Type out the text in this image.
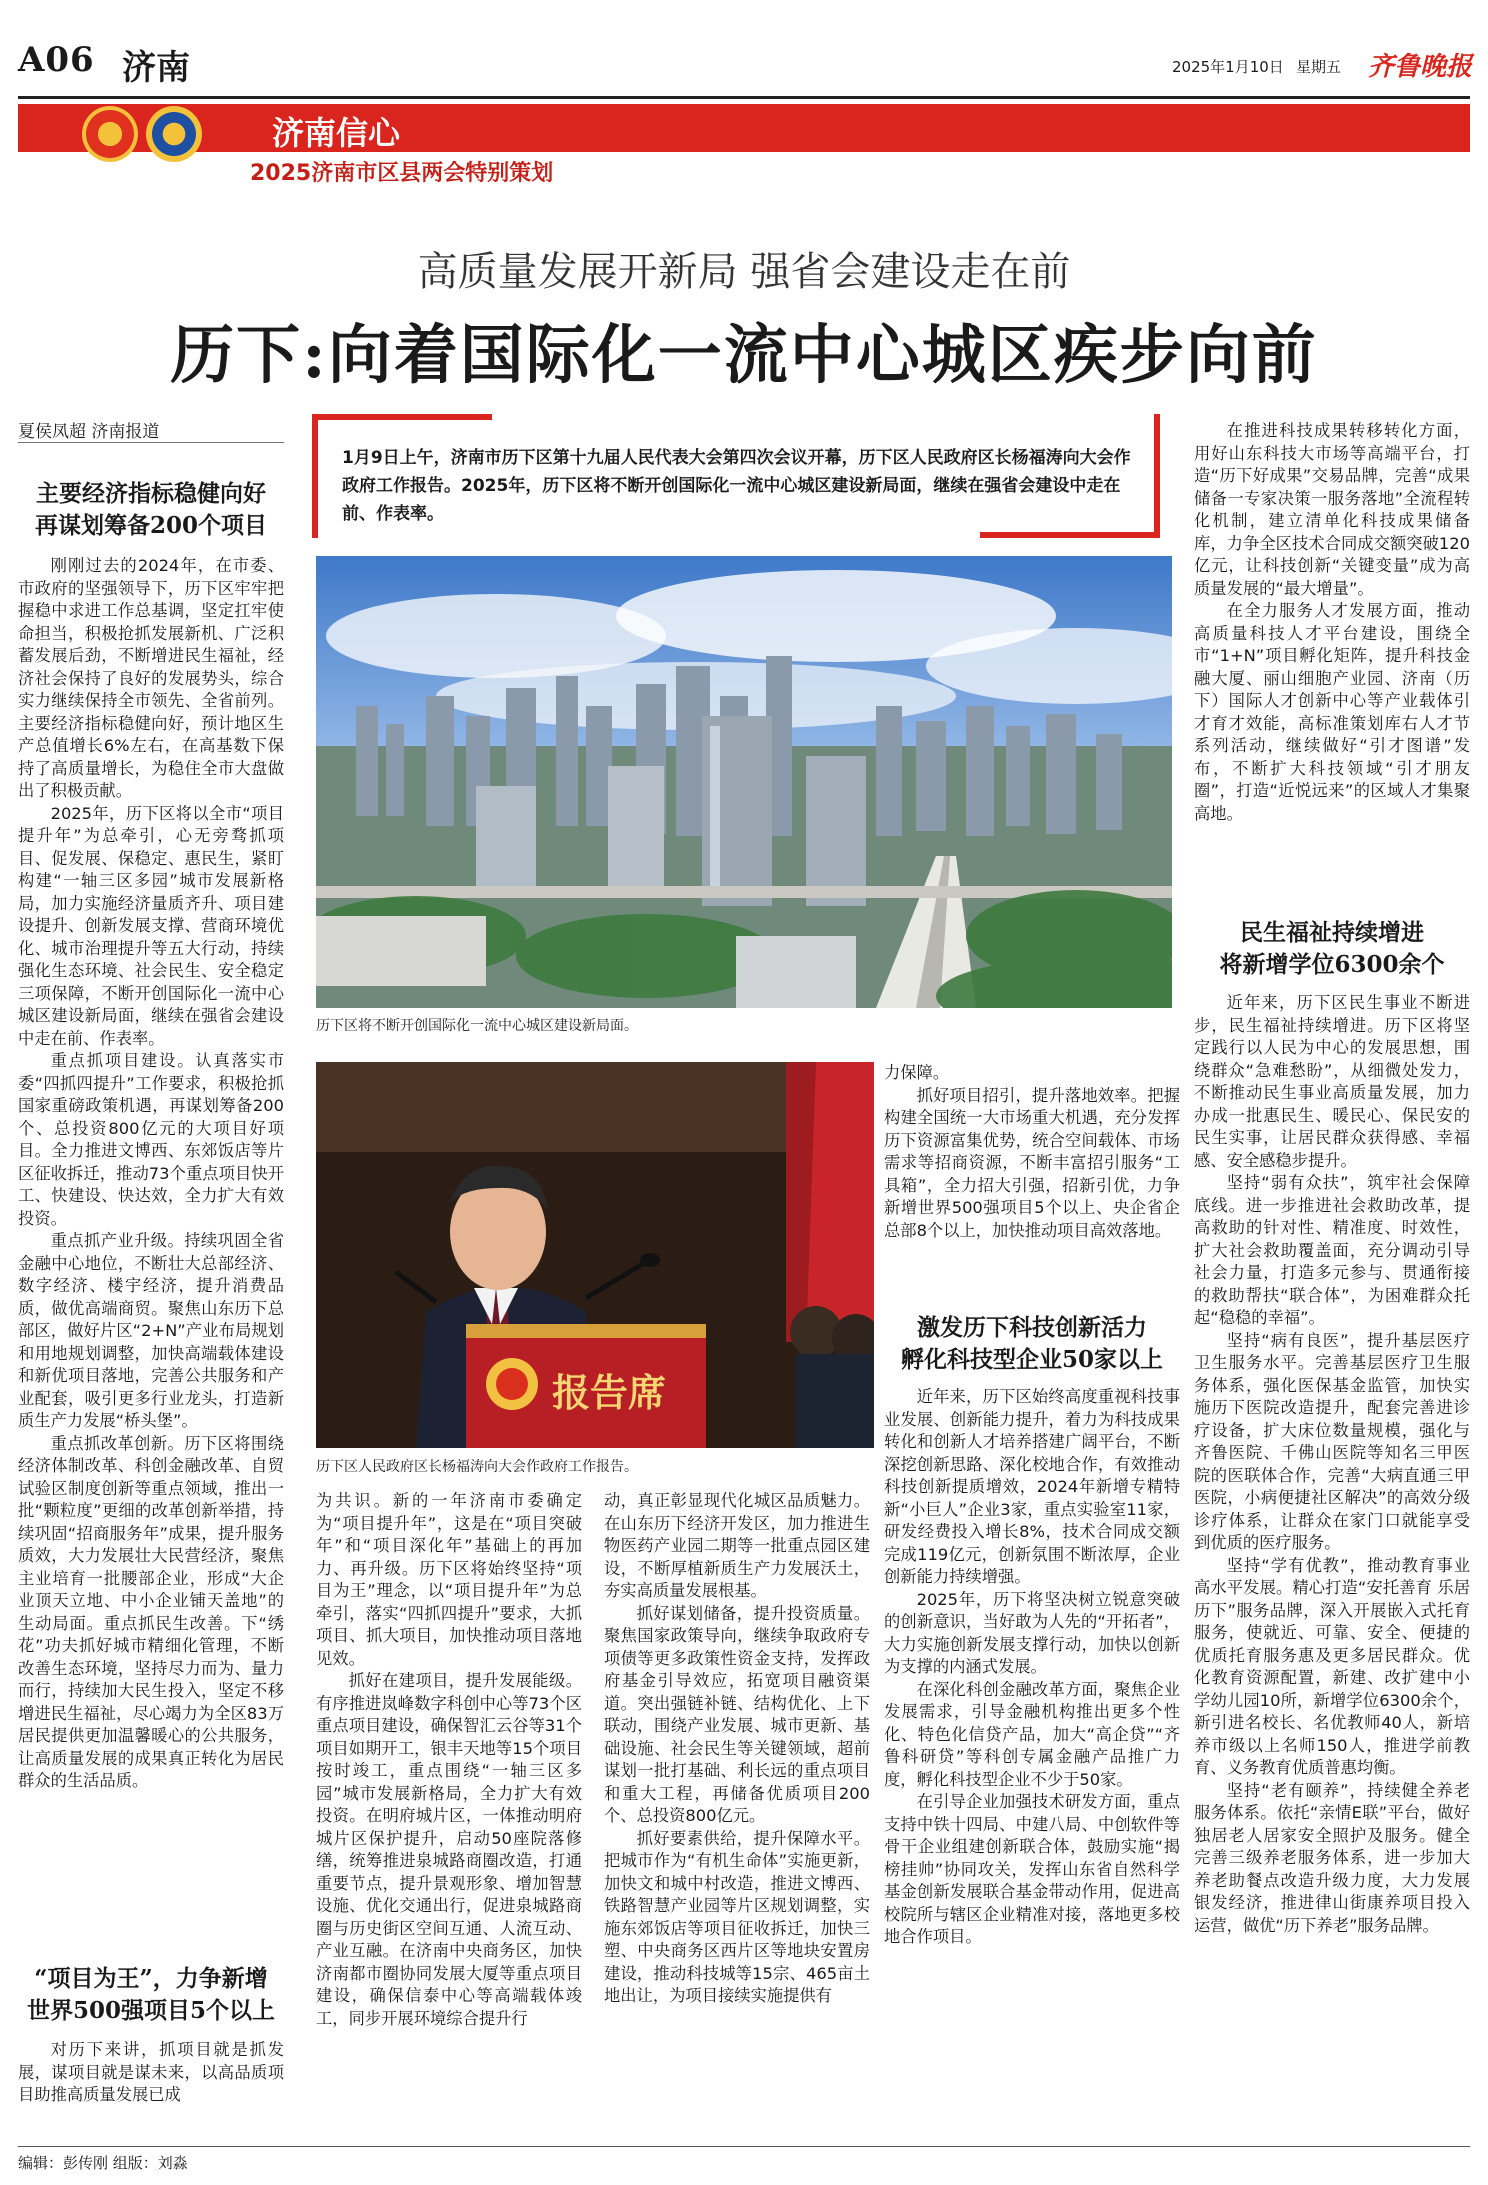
A06 济南	2025年1月10日 星期五 齐鲁晚报
济南信心
2025济南市区县两会特别策划
高质量发展开新局 强省会建设走在前
历下:向着国际化一流中心城区疾步向前
夏侯凤超 济南报道
1月9日上午，济南市历下区第十九届人民代表大会第四次会议开幕，历下区人民政府区长杨福涛向大会作政府工作报告。2025年，历下区将不断开创国际化一流中心城区建设新局面，继续在强省会建设中走在前、作表率。
主要经济指标稳健向好
再谋划筹备200个项目
历下区将不断开创国际化一流中心城区建设新局面。
报告席
历下区人民政府区长杨福涛向大会作政府工作报告。

刚刚过去的2024年，在市委、市政府的坚强领导下，历下区牢牢把握稳中求进工作总基调，坚定扛牢使命担当，积极抢抓发展新机、广泛积蓄发展后劲，不断增进民生福祉，经济社会保持了良好的发展势头，综合实力继续保持全市领先、全省前列。主要经济指标稳健向好，预计地区生产总值增长6%左右，在高基数下保持了高质量增长，为稳住全市大盘做出了积极贡献。

2025年，历下区将以全市“项目提升年”为总牵引，心无旁骛抓项目、促发展、保稳定、惠民生，紧盯构建“一轴三区多园”城市发展新格局，加力实施经济量质齐升、项目建设提升、创新发展支撑、营商环境优化、城市治理提升等五大行动，持续强化生态环境、社会民生、安全稳定三项保障，不断开创国际化一流中心城区建设新局面，继续在强省会建设中走在前、作表率。

重点抓项目建设。认真落实市委“四抓四提升”工作要求，积极抢抓国家重磅政策机遇，再谋划筹备200个、总投资800亿元的大项目好项目。全力推进文博西、东郊饭店等片区征收拆迁，推动73个重点项目快开工、快建设、快达效，全力扩大有效投资。

重点抓产业升级。持续巩固全省金融中心地位，不断壮大总部经济、数字经济、楼宇经济，提升消费品质，做优高端商贸。聚焦山东历下总部区，做好片区“2+N”产业布局规划和用地规划调整，加快高端载体建设和新优项目落地，完善公共服务和产业配套，吸引更多行业龙头，打造新质生产力发展“桥头堡”。

重点抓改革创新。历下区将围绕经济体制改革、科创金融改革、自贸试验区制度创新等重点领域，推出一批“颗粒度”更细的改革创新举措，持续巩固“招商服务年”成果，提升服务质效，大力发展壮大民营经济，聚焦主业培育一批腰部企业，形成“大企业顶天立地、中小企业铺天盖地”的生动局面。重点抓民生改善。下“绣花”功夫抓好城市精细化管理，不断改善生态环境，坚持尽力而为、量力而行，持续加大民生投入，坚定不移增进民生福祉，尽心竭力为全区83万居民提供更加温馨暖心的公共服务，让高质量发展的成果真正转化为居民群众的生活品质。

“项目为王”，力争新增
世界500强项目5个以上

对历下来讲，抓项目就是抓发展，谋项目就是谋未来，以高品质项目助推高质量发展已成

为共识。新的一年济南市委确定为“项目提升年”，这是在“项目突破年”和“项目深化年”基础上的再加力、再升级。历下区将始终坚持“项目为王”理念，以“项目提升年”为总牵引，落实“四抓四提升”要求，大抓项目、抓大项目，加快推动项目落地见效。

抓好在建项目，提升发展能级。有序推进岚峰数字科创中心等73个区重点项目建设，确保智汇云谷等31个项目如期开工，银丰天地等15个项目按时竣工，重点围绕“一轴三区多园”城市发展新格局，全力扩大有效投资。在明府城片区，一体推动明府城片区保护提升，启动50座院落修缮，统筹推进泉城路商圈改造，打通重要节点，提升景观形象、增加智慧设施、优化交通出行，促进泉城路商圈与历史街区空间互通、人流互动、产业互融。在济南中央商务区，加快济南都市圈协同发展大厦等重点项目建设，确保信泰中心等高端载体竣工，同步开展环境综合提升行

动，真正彰显现代化城区品质魅力。在山东历下经济开发区，加力推进生物医药产业园二期等一批重点园区建设，不断厚植新质生产力发展沃土，夯实高质量发展根基。

抓好谋划储备，提升投资质量。聚焦国家政策导向，继续争取政府专项债等更多政策性资金支持，发挥政府基金引导效应，拓宽项目融资渠道。突出强链补链、结构优化、上下联动，围绕产业发展、城市更新、基础设施、社会民生等关键领域，超前谋划一批打基础、利长远的重点项目和重大工程，再储备优质项目200个、总投资800亿元。

抓好要素供给，提升保障水平。把城市作为“有机生命体”实施更新，加快文和城中村改造，推进文博西、铁路智慧产业园等片区规划调整，实施东郊饭店等项目征收拆迁，加快三塑、中央商务区西片区等地块安置房建设，推动科技城等15宗、465亩土地出让，为项目接续实施提供有

力保障。

抓好项目招引，提升落地效率。把握构建全国统一大市场重大机遇，充分发挥历下资源富集优势，统合空间载体、市场需求等招商资源，不断丰富招引服务“工具箱”，全力招大引强，招新引优，力争新增世界500强项目5个以上、央企省企总部8个以上，加快推动项目高效落地。

激发历下科技创新活力
孵化科技型企业50家以上

近年来，历下区始终高度重视科技事业发展、创新能力提升，着力为科技成果转化和创新人才培养搭建广阔平台，不断深挖创新思路、深化校地合作，有效推动科技创新提质增效，2024年新增专精特新“小巨人”企业3家，重点实验室11家，研发经费投入增长8%，技术合同成交额完成119亿元，创新氛围不断浓厚，企业创新能力持续增强。

2025年，历下将坚决树立锐意突破的创新意识，当好敢为人先的“开拓者”，大力实施创新发展支撑行动，加快以创新为支撑的内涵式发展。

在深化科创金融改革方面，聚焦企业发展需求，引导金融机构推出更多个性化、特色化信贷产品，加大“高企贷”“齐鲁科研贷”等科创专属金融产品推广力度，孵化科技型企业不少于50家。

在引导企业加强技术研发方面，重点支持中铁十四局、中建八局、中创软件等骨干企业组建创新联合体，鼓励实施“揭榜挂帅”协同攻关，发挥山东省自然科学基金创新发展联合基金带动作用，促进高校院所与辖区企业精准对接，落地更多校地合作项目。

在推进科技成果转移转化方面，用好山东科技大市场等高端平台，打造“历下好成果”交易品牌，完善“成果储备一专家决策一服务落地”全流程转化机制，建立清单化科技成果储备库，力争全区技术合同成交额突破120亿元，让科技创新“关键变量”成为高质量发展的“最大增量”。

在全力服务人才发展方面，推动高质量科技人才平台建设，围绕全市“1+N”项目孵化矩阵，提升科技金融大厦、丽山细胞产业园、济南（历下）国际人才创新中心等产业载体引才育才效能，高标准策划库右人才节系列活动，继续做好“引才图谱”发布，不断扩大科技领域“引才朋友圈”，打造“近悦远来”的区域人才集聚高地。

民生福祉持续增进
将新增学位6300余个

近年来，历下区民生事业不断进步，民生福祉持续增进。历下区将坚定践行以人民为中心的发展思想，围绕群众“急难愁盼”，从细微处发力，不断推动民生事业高质量发展，加力办成一批惠民生、暖民心、保民安的民生实事，让居民群众获得感、幸福感、安全感稳步提升。

坚持“弱有众扶”，筑牢社会保障底线。进一步推进社会救助改革，提高救助的针对性、精准度、时效性，扩大社会救助覆盖面，充分调动引导社会力量，打造多元参与、贯通衔接的救助帮扶“联合体”，为困难群众托起“稳稳的幸福”。

坚持“病有良医”，提升基层医疗卫生服务水平。完善基层医疗卫生服务体系，强化医保基金监管，加快实施历下医院改造提升，配套完善进诊疗设备，扩大床位数量规模，强化与齐鲁医院、千佛山医院等知名三甲医院的医联体合作，完善“大病直通三甲医院，小病便捷社区解决”的高效分级诊疗体系，让群众在家门口就能享受到优质的医疗服务。

坚持“学有优教”，推动教育事业高水平发展。精心打造“安托善育 乐居历下”服务品牌，深入开展嵌入式托育服务，使就近、可靠、安全、便捷的优质托育服务惠及更多居民群众。优化教育资源配置，新建、改扩建中小学幼儿园10所，新增学位6300余个，新引进名校长、名优教师40人，新培养市级以上名师150人，推进学前教育、义务教育优质普惠均衡。

坚持“老有颐养”，持续健全养老服务体系。依托“亲情E联”平台，做好独居老人居家安全照护及服务。健全完善三级养老服务体系，进一步加大养老助餐点改造升级力度，大力发展银发经济，推进律山街康养项目投入运营，做优“历下养老”服务品牌。

编辑：彭传刚 组版：刘淼
